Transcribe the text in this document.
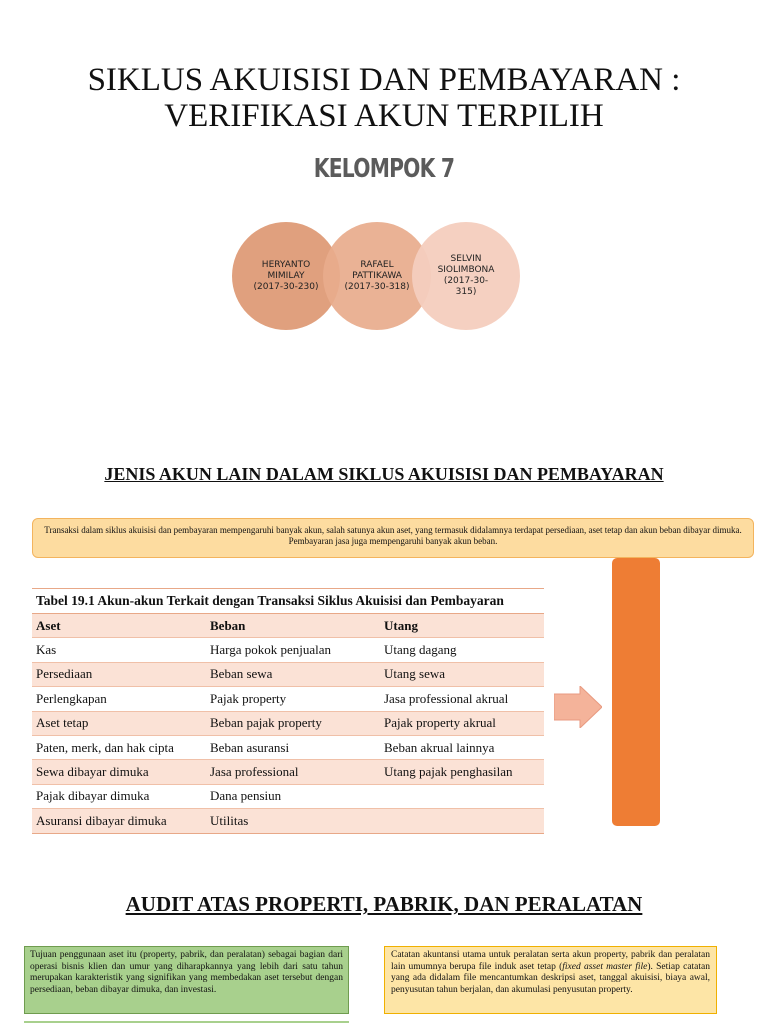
SIKLUS AKUISISI DAN PEMBAYARAN :
VERIFIKASI AKUN TERPILIH
KELOMPOK 7
HERYANTO
MIMILAY
(2017-30-230)
RAFAEL
PATTIKAWA
(2017-30-318)
SELVIN
SIOLIMBONA
(2017-30-
315)
JENIS AKUN LAIN DALAM SIKLUS AKUISISI DAN PEMBAYARAN
Transaksi dalam siklus akuisisi dan pembayaran mempengaruhi banyak akun, salah satunya akun aset, yang termasuk didalamnya terdapat persediaan, aset tetap dan akun beban dibayar dimuka. Pembayaran jasa juga mempengaruhi banyak akun beban.
Tabel 19.1 Akun-akun Terkait dengan Transaksi Siklus Akuisisi dan Pembayaran
Aset	Beban	Utang
Kas	Harga pokok penjualan	Utang dagang
Persediaan	Beban sewa	Utang sewa
Perlengkapan	Pajak property	Jasa professional akrual
Aset tetap	Beban pajak property	Pajak property akrual
Paten, merk, dan hak cipta	Beban asuransi	Beban akrual lainnya
Sewa dibayar dimuka	Jasa professional	Utang pajak penghasilan
Pajak dibayar dimuka	Dana pensiun	
Asuransi dibayar dimuka	Utilitas	
AUDIT ATAS PROPERTI, PABRIK, DAN PERALATAN
Tujuan penggunaan aset itu (property, pabrik, dan peralatan) sebagai bagian dari operasi bisnis klien dan umur yang diharapkannya yang lebih dari satu tahun merupakan karakteristik yang signifikan yang membedakan aset tersebut dengan persediaan, beban dibayar dimuka, dan investasi.
Catatan akuntansi utama untuk peralatan serta akun property, pabrik dan peralatan lain umumnya berupa file induk aset tetap (fixed asset master file). Setiap catatan yang ada didalam file mencantumkan deskripsi aset, tanggal akuisisi, biaya awal, penyusutan tahun berjalan, dan akumulasi penyusutan property.
